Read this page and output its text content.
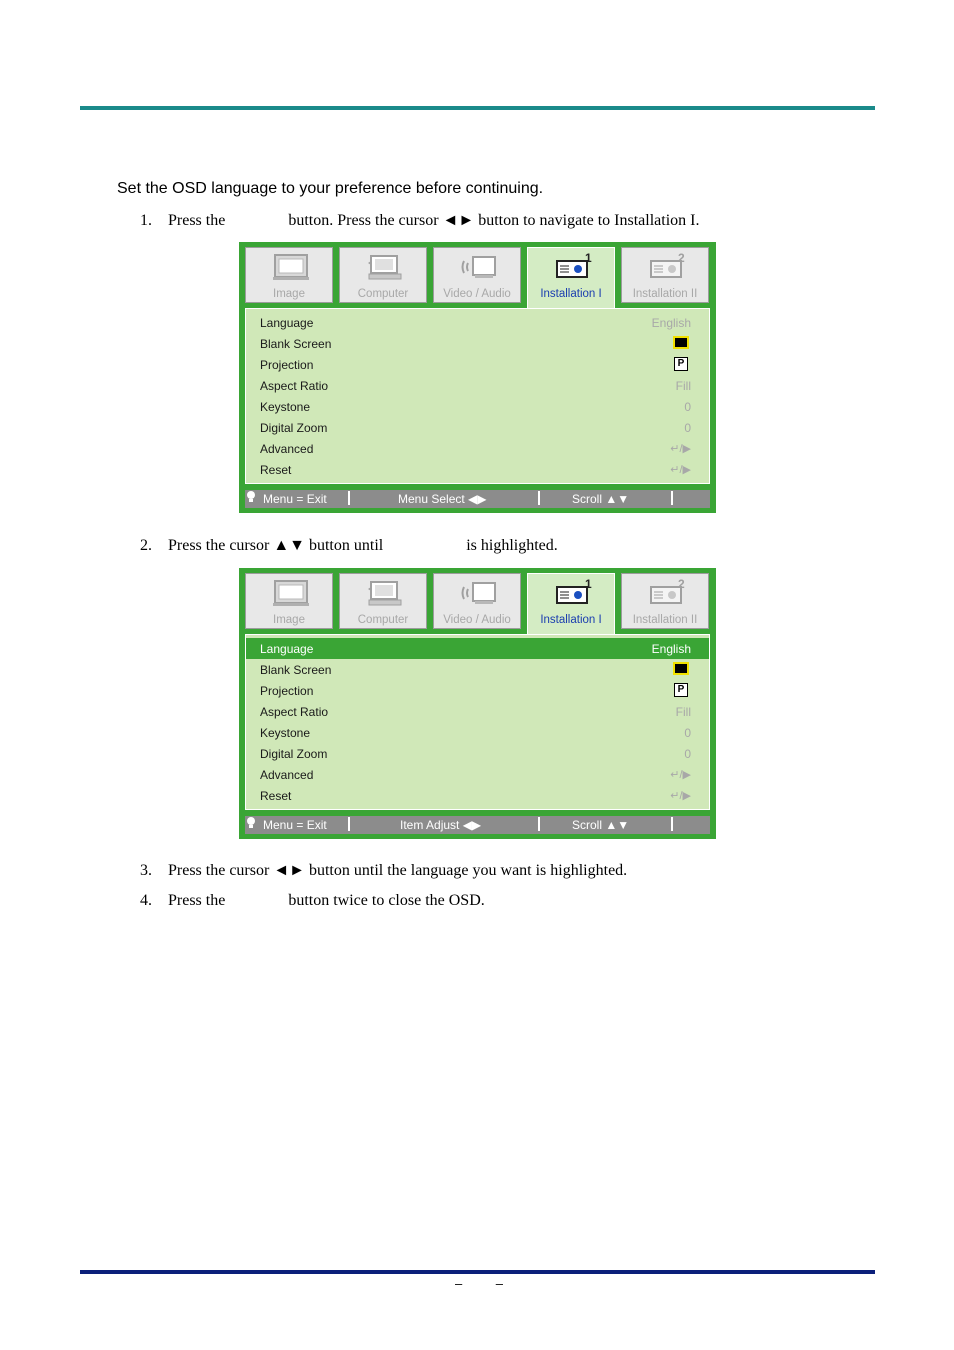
Set the OSD language to your preference before continuing.
1. Press the	button. Press the cursor ◄► button to navigate to Installation I.
Image	Computer	Video / Audio
1
Installation I
2
Installation II
Language	English
Blank Screen
Projection	P
Aspect Ratio	Fill
Keystone	0
Digital Zoom	0
Advanced	↵/▶
Reset	↵/▶
Menu = Exit	Menu Select ◀▶	Scroll ▲▼
2. Press the cursor ▲▼ button until	is highlighted.
Image	Computer	Video / Audio
1
Installation I
2
Installation II
Language	English
Blank Screen
Projection	P
Aspect Ratio	Fill
Keystone	0
Digital Zoom	0
Advanced	↵/▶
Reset	↵/▶
Menu = Exit	Item Adjust ◀▶	Scroll ▲▼
3. Press the cursor ◄► button until the language you want is highlighted.
4. Press the	button twice to close the OSD.
–	–
